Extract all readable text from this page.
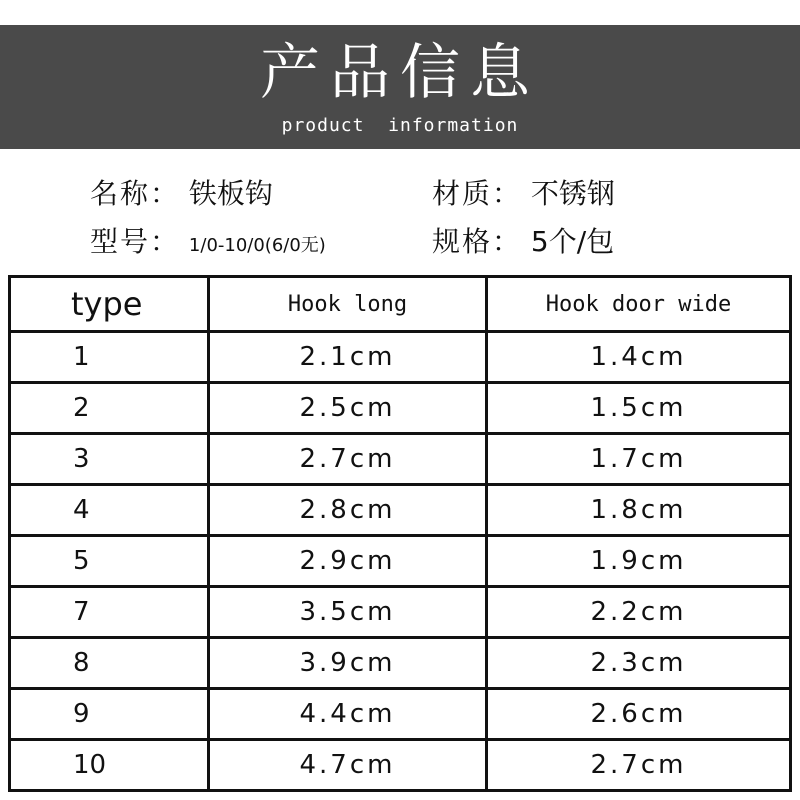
产品信息
product  information
名称： 铁板钩	材质： 不锈钢
型号： 1/0-10/0(6/0无)	规格： 5个/包
type	Hook long	Hook door wide
1	2.1cm	1.4cm
2	2.5cm	1.5cm
3	2.7cm	1.7cm
4	2.8cm	1.8cm
5	2.9cm	1.9cm
7	3.5cm	2.2cm
8	3.9cm	2.3cm
9	4.4cm	2.6cm
10	4.7cm	2.7cm
